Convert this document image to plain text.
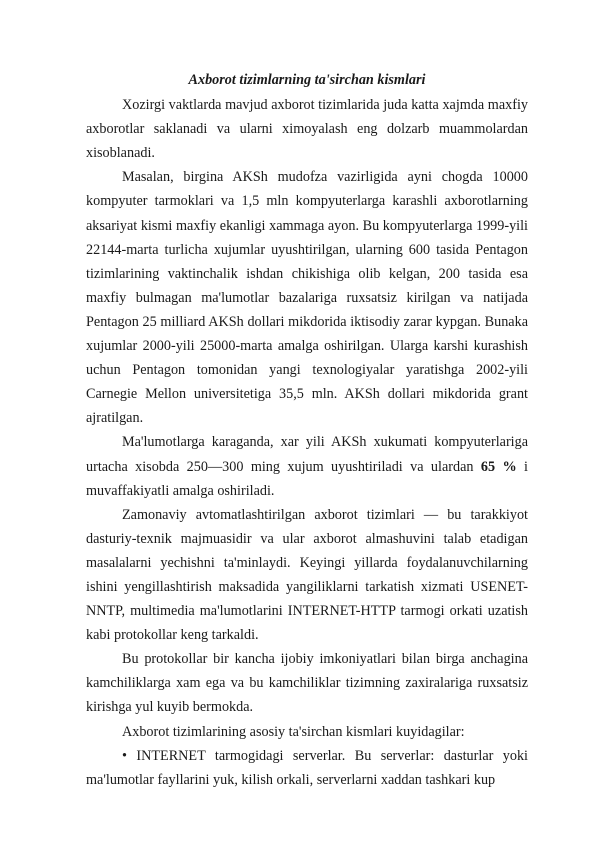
Axborot tizimlarning ta'sirchan kismlari

Xozirgi vaktlarda mavjud axborot tizimlarida juda katta xajmda maxfiy axborotlar saklanadi va ularni ximoyalash eng dolzarb muammolardan xisoblanadi.

Masalan, birgina AKSh mudofza vazirligida ayni chogda 10000 kompyuter tarmoklari va 1,5 mln kompyuterlarga karashli axborotlarning aksariyat kismi maxfiy ekanligi xammaga ayon. Bu kompyuterlarga 1999-yili 22144-marta turlicha xujumlar uyushtirilgan, ularning 600 tasida Pentagon tizimlarining vaktinchalik ishdan chikishiga olib kelgan, 200 tasida esa maxfiy bulmagan ma'lumotlar bazalariga ruxsatsiz kirilgan va natijada Pentagon 25 milliard AKSh dollari mikdorida iktisodiy zarar kypgan. Bunaka xujumlar 2000-yili 25000-marta amalga oshirilgan. Ularga karshi kurashish uchun Pentagon tomonidan yangi texnologiyalar yaratishga 2002-yili Carnegie Mellon universitetiga 35,5 mln. AKSh dollari mikdorida grant ajratilgan.

Ma'lumotlarga karaganda, xar yili AKSh xukumati kompyuterlariga urtacha xisobda 250—300 ming xujum uyushtiriladi va ulardan 65 % i muvaffakiyatli amalga oshiriladi.

Zamonaviy avtomatlashtirilgan axborot tizimlari — bu tarakkiyot dasturiy-texnik majmuasidir va ular axborot almashuvini talab etadigan masalalarni yechishni ta'minlaydi. Keyingi yillarda foydalanuvchilarning ishini yengillashtirish maksadida yangiliklarni tarkatish xizmati USENET-NNTP, multimedia ma'lumotlarini INTERNET-HTTP tarmogi orkati uzatish kabi protokollar keng tarkaldi.

Bu protokollar bir kancha ijobiy imkoniyatlari bilan birga anchagina kamchiliklarga xam ega va bu kamchiliklar tizimning zaxiralariga ruxsatsiz kirishga yul kuyib bermokda.

Axborot tizimlarining asosiy ta'sirchan kismlari kuyidagilar:

• INTERNET tarmogidagi serverlar. Bu serverlar: dasturlar yoki ma'lumotlar fayllarini yuk, kilish orkali, serverlarni xaddan tashkari kup
